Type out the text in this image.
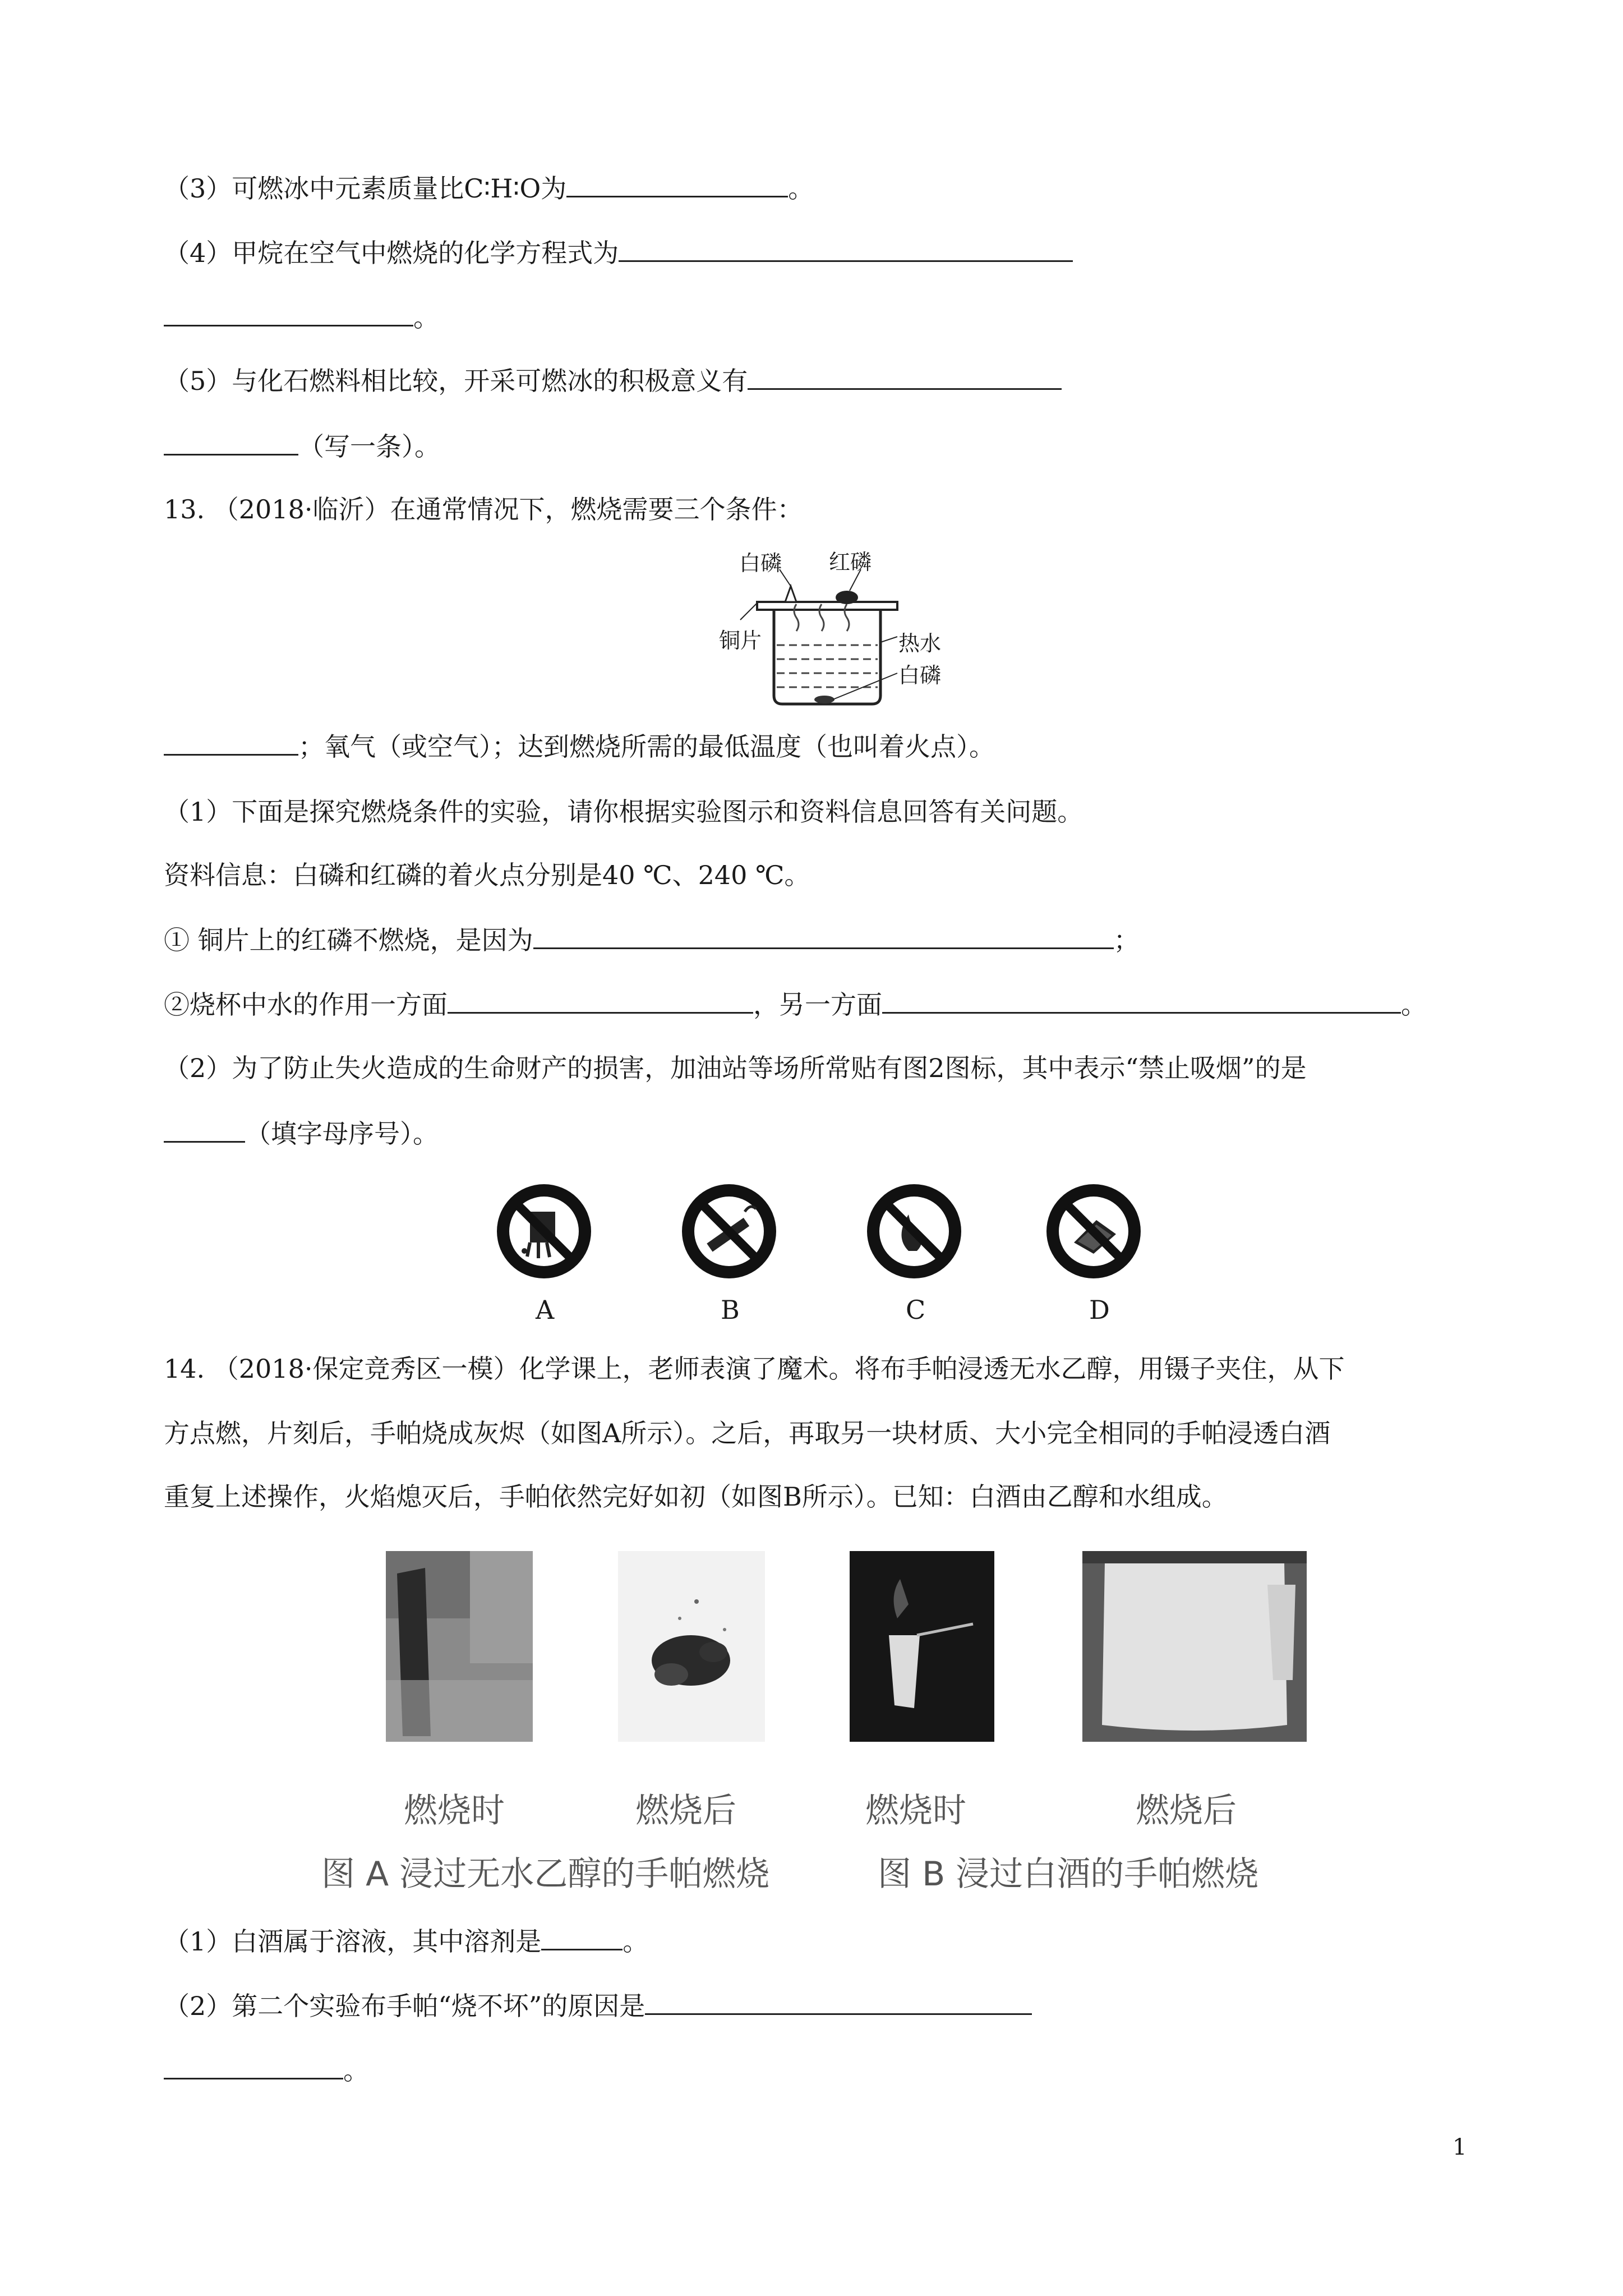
（3）可燃冰中元素质量比C∶H∶O为	。
（4）甲烷在空气中燃烧的化学方程式为
。
（5）与化石燃料相比较，开采可燃冰的积极意义有
（写一条）。
13. （2018·临沂）在通常情况下，燃烧需要三个条件：
白磷 红磷
铜片	热水
白磷
；氧气（或空气）；达到燃烧所需的最低温度（也叫着火点）。
（1）下面是探究燃烧条件的实验，请你根据实验图示和资料信息回答有关问题。
资料信息：白磷和红磷的着火点分别是40 ℃、240 ℃。
① 铜片上的红磷不燃烧，是因为	；
②烧杯中水的作用一方面	，另一方面	。
（2）为了防止失火造成的生命财产的损害，加油站等场所常贴有图2图标，其中表示“禁止吸烟”的是
（填字母序号）。
A	B	C	D
14. （2018·保定竞秀区一模）化学课上，老师表演了魔术。将布手帕浸透无水乙醇，用镊子夹住，从下
方点燃，片刻后，手帕烧成灰烬（如图A所示）。之后，再取另一块材质、大小完全相同的手帕浸透白酒
重复上述操作，火焰熄灭后，手帕依然完好如初（如图B所示）。已知：白酒由乙醇和水组成。
燃烧时	燃烧后	燃烧时	燃烧后
图 A 浸过无水乙醇的手帕燃烧	图 B 浸过白酒的手帕燃烧
（1）白酒属于溶液，其中溶剂是	。
（2）第二个实验布手帕“烧不坏”的原因是
。
1
